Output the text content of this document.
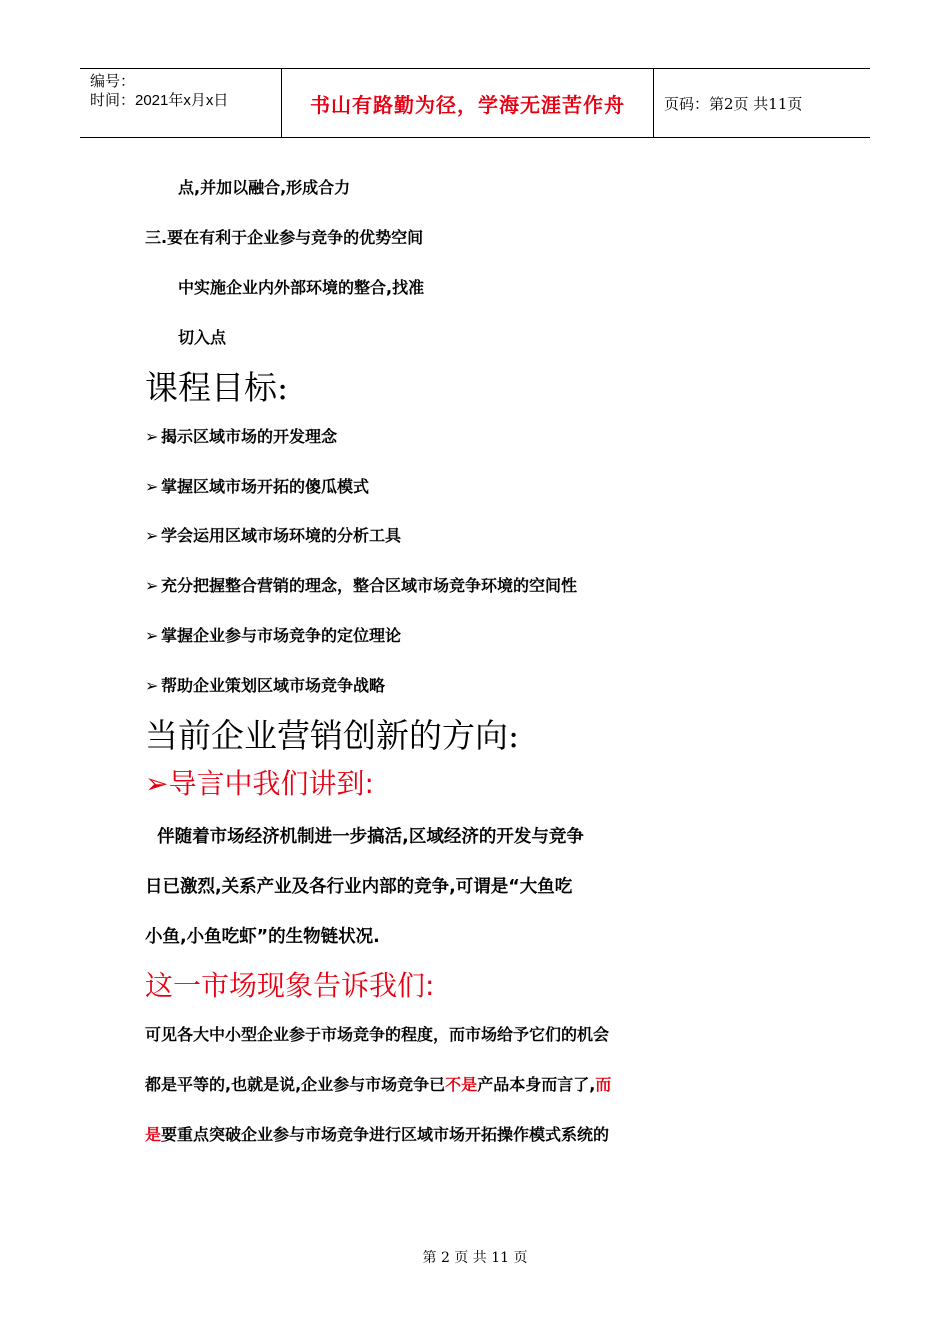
编号：
时间：2021年x月x日	书山有路勤为径，学海无涯苦作舟	页码：第2页 共11页
点,并加以融合,形成合力
三.要在有利于企业参与竞争的优势空间
中实施企业内外部环境的整合,找准
切入点
课程目标:
➢ 揭示区域市场的开发理念
➢ 掌握区域市场开拓的傻瓜模式
➢ 学会运用区域市场环境的分析工具
➢ 充分把握整合营销的理念，整合区域市场竞争环境的空间性
➢ 掌握企业参与市场竞争的定位理论
➢ 帮助企业策划区域市场竞争战略
当前企业营销创新的方向:
➢导言中我们讲到:
伴随着市场经济机制进一步搞活,区域经济的开发与竞争
日已激烈,关系产业及各行业内部的竞争,可谓是“大鱼吃
小鱼,小鱼吃虾”的生物链状况.
这一市场现象告诉我们:
可见各大中小型企业参于市场竞争的程度，而市场给予它们的机会
都是平等的,也就是说,企业参与市场竞争已不是产品本身而言了,而
是要重点突破企业参与市场竞争进行区域市场开拓操作模式系统的
第 2 页 共 11 页
